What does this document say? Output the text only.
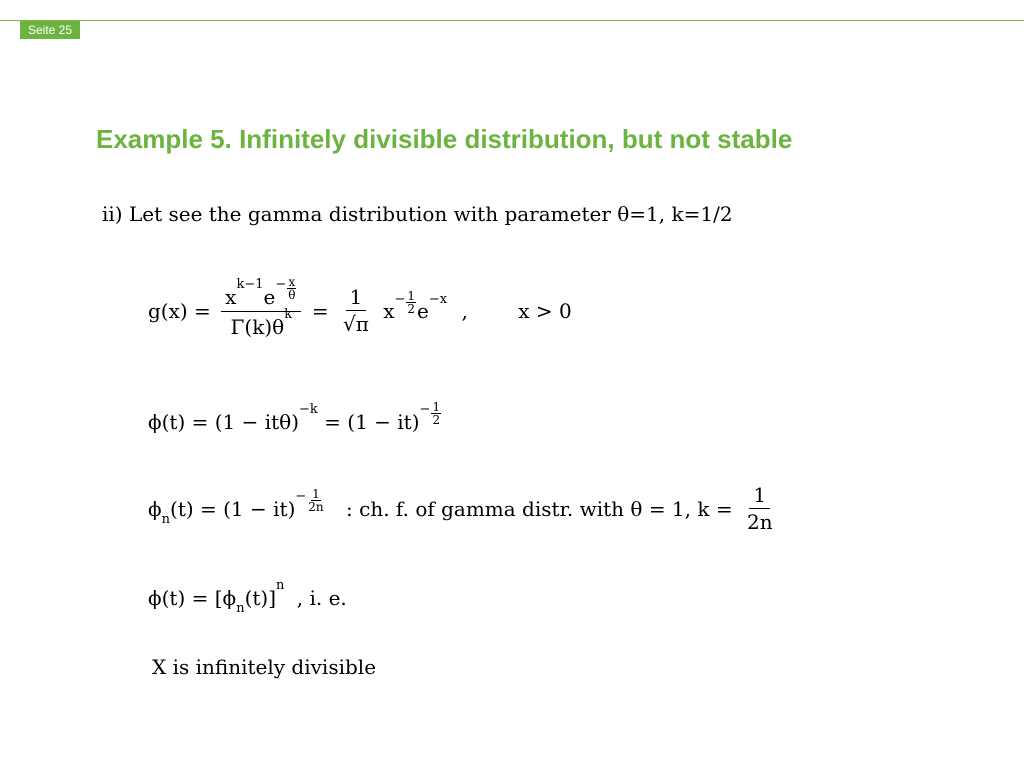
Seite 25
Example 5. Infinitely divisible distribution, but not stable
ii) Let see the gamma distribution with parameter θ=1, k=1/2
$g(x) = \frac{xk-1e- \frac{x}{\theta}}{\Gamma(k)\theta k} = \frac{1}{√\pi} x- \frac{1}{2} e-x$ ,	x > 0
$\phi(t) = (1 - it\theta)-k = (1 - it)- \frac{1}{2}$
$\phi n(t) = (1 - it)- \frac{1}{2n}$ : ch. f. of gamma distr. with θ = 1, $k = \frac{1}{2n}$
ϕ(t) = [ϕn(t)]n , i. e.
X is infinitely divisible
